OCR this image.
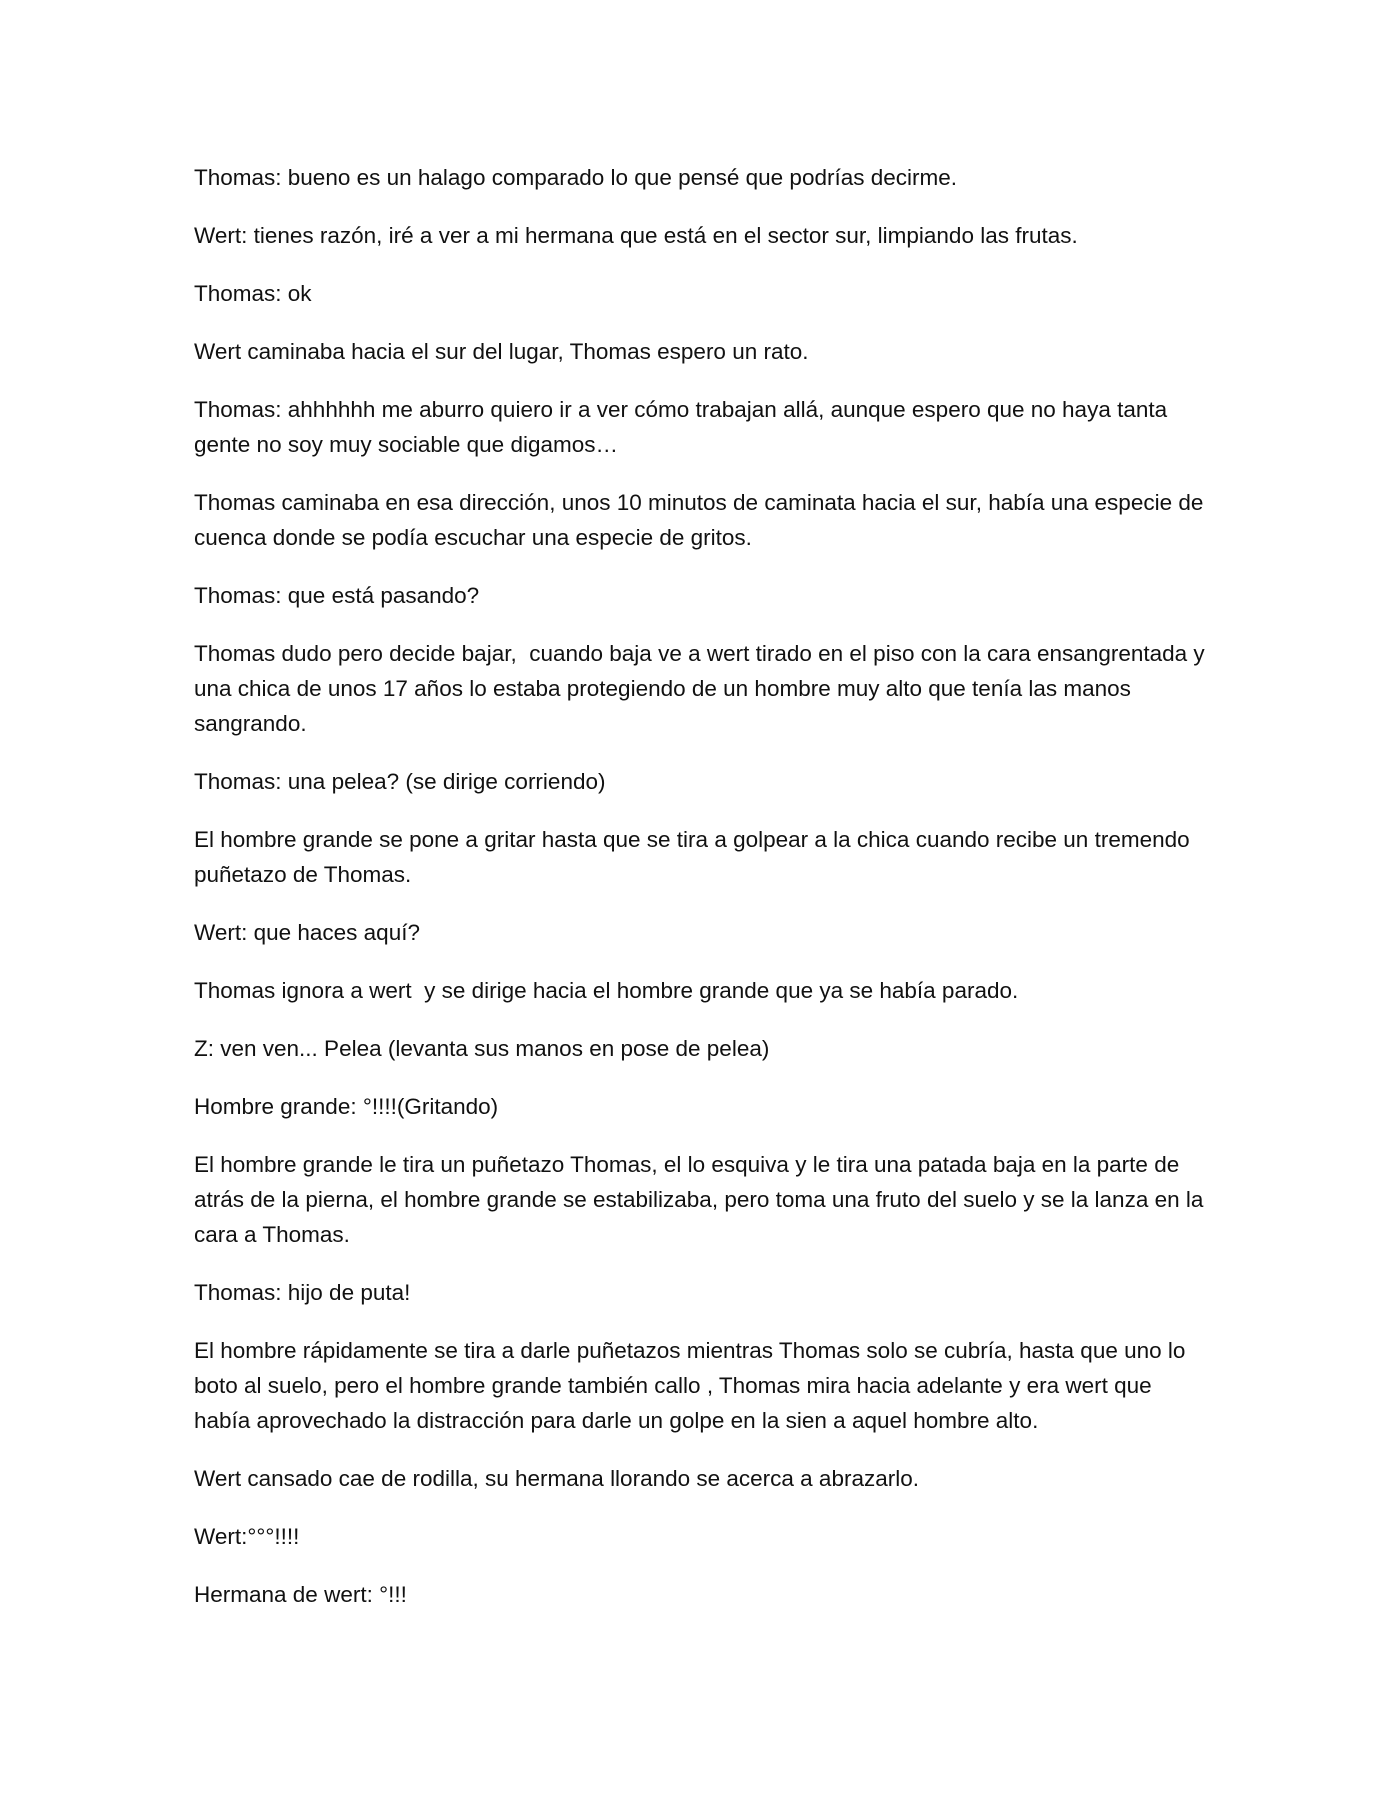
Thomas: bueno es un halago comparado lo que pensé que podrías decirme.

Wert: tienes razón, iré a ver a mi hermana que está en el sector sur, limpiando las frutas.

Thomas: ok

Wert caminaba hacia el sur del lugar, Thomas espero un rato.

Thomas: ahhhhhh me aburro quiero ir a ver cómo trabajan allá, aunque espero que no haya tanta gente no soy muy sociable que digamos…

Thomas caminaba en esa dirección, unos 10 minutos de caminata hacia el sur, había una especie de cuenca donde se podía escuchar una especie de gritos.

Thomas: que está pasando?

Thomas dudo pero decide bajar,  cuando baja ve a wert tirado en el piso con la cara ensangrentada y una chica de unos 17 años lo estaba protegiendo de un hombre muy alto que tenía las manos sangrando.

Thomas: una pelea? (se dirige corriendo)

El hombre grande se pone a gritar hasta que se tira a golpear a la chica cuando recibe un tremendo puñetazo de Thomas.

Wert: que haces aquí?

Thomas ignora a wert  y se dirige hacia el hombre grande que ya se había parado.

Z: ven ven... Pelea (levanta sus manos en pose de pelea)

Hombre grande: °!!!!(Gritando)

El hombre grande le tira un puñetazo Thomas, el lo esquiva y le tira una patada baja en la parte de atrás de la pierna, el hombre grande se estabilizaba, pero toma una fruto del suelo y se la lanza en la cara a Thomas.

Thomas: hijo de puta!

El hombre rápidamente se tira a darle puñetazos mientras Thomas solo se cubría, hasta que uno lo boto al suelo, pero el hombre grande también callo , Thomas mira hacia adelante y era wert que había aprovechado la distracción para darle un golpe en la sien a aquel hombre alto.

Wert cansado cae de rodilla, su hermana llorando se acerca a abrazarlo.

Wert:°°°!!!!

Hermana de wert: °!!!
